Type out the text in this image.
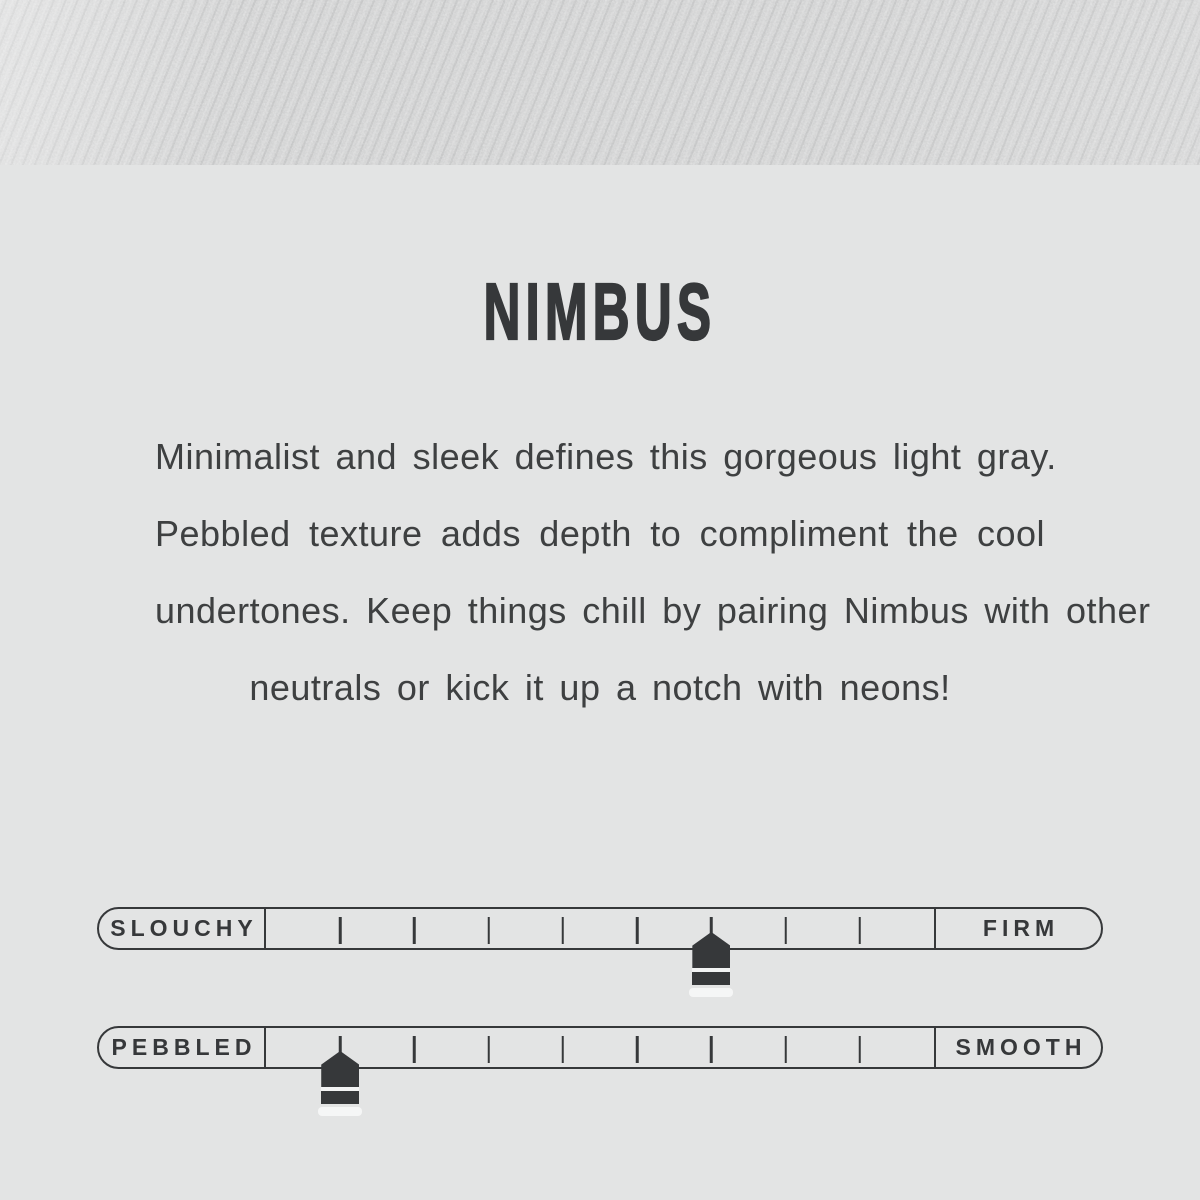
NIMBUS
Minimalist and sleek defines this gorgeous light gray.
Pebbled texture adds depth to compliment the cool
undertones. Keep things chill by pairing Nimbus with other
neutrals or kick it up a notch with neons!
SLOUCHY	FIRM
PEBBLED	SMOOTH
